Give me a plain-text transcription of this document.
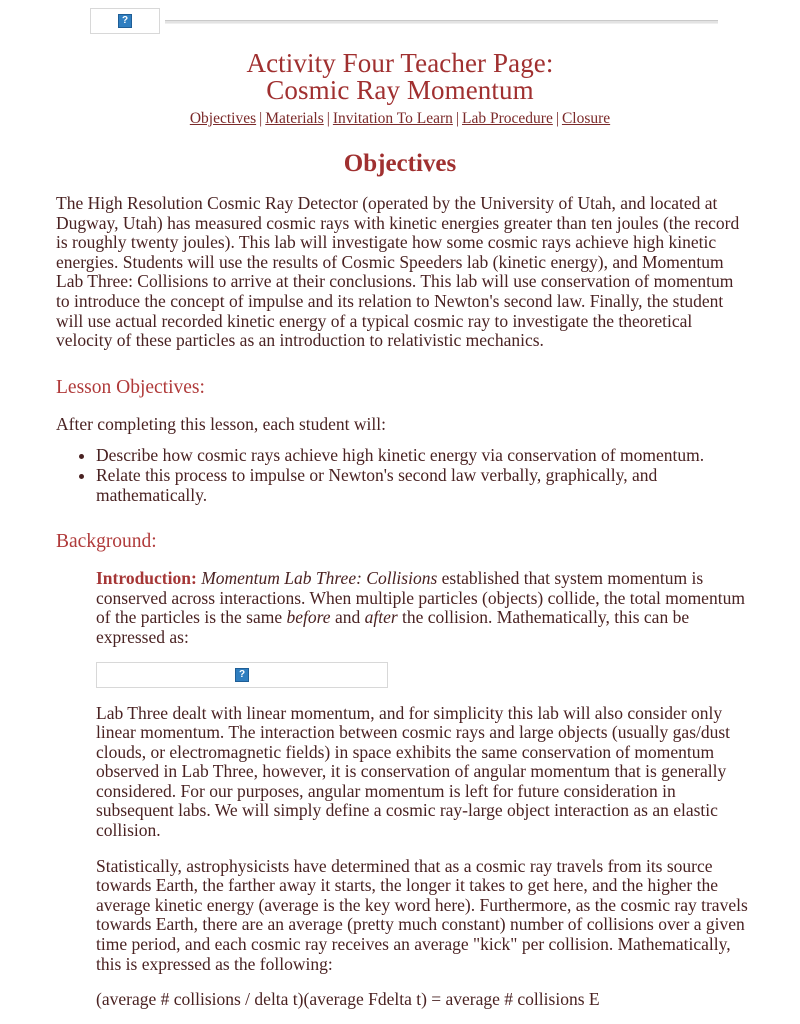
?
Activity Four Teacher Page:
Cosmic Ray Momentum
Objectives | Materials | Invitation To Learn | Lab Procedure | Closure
Objectives

The High Resolution Cosmic Ray Detector (operated by the University of Utah, and located at Dugway, Utah) has measured cosmic rays with kinetic energies greater than ten joules (the record is roughly twenty joules). This lab will investigate how some cosmic rays achieve high kinetic energies. Students will use the results of Cosmic Speeders lab (kinetic energy), and Momentum Lab Three: Collisions to arrive at their conclusions. This lab will use conservation of momentum to introduce the concept of impulse and its relation to Newton's second law. Finally, the student will use actual recorded kinetic energy of a typical cosmic ray to investigate the theoretical velocity of these particles as an introduction to relativistic mechanics.

Lesson Objectives:

After completing this lesson, each student will:

• Describe how cosmic rays achieve high kinetic energy via conservation of momentum.
• Relate this process to impulse or Newton's second law verbally, graphically, and mathematically.
Background:

Introduction: Momentum Lab Three: Collisions established that system momentum is conserved across interactions. When multiple particles (objects) collide, the total momentum of the particles is the same before and after the collision. Mathematically, this can be expressed as:

?

Lab Three dealt with linear momentum, and for simplicity this lab will also consider only linear momentum. The interaction between cosmic rays and large objects (usually gas/dust clouds, or electromagnetic fields) in space exhibits the same conservation of momentum observed in Lab Three, however, it is conservation of angular momentum that is generally considered. For our purposes, angular momentum is left for future consideration in subsequent labs. We will simply define a cosmic ray-large object interaction as an elastic collision.

Statistically, astrophysicists have determined that as a cosmic ray travels from its source towards Earth, the farther away it starts, the longer it takes to get here, and the higher the average kinetic energy (average is the key word here). Furthermore, as the cosmic ray travels towards Earth, there are an average (pretty much constant) number of collisions over a given time period, and each cosmic ray receives an average "kick" per collision. Mathematically, this is expressed as the following:

(average # collisions / delta t)(average Fdelta t) = average # collisions E
